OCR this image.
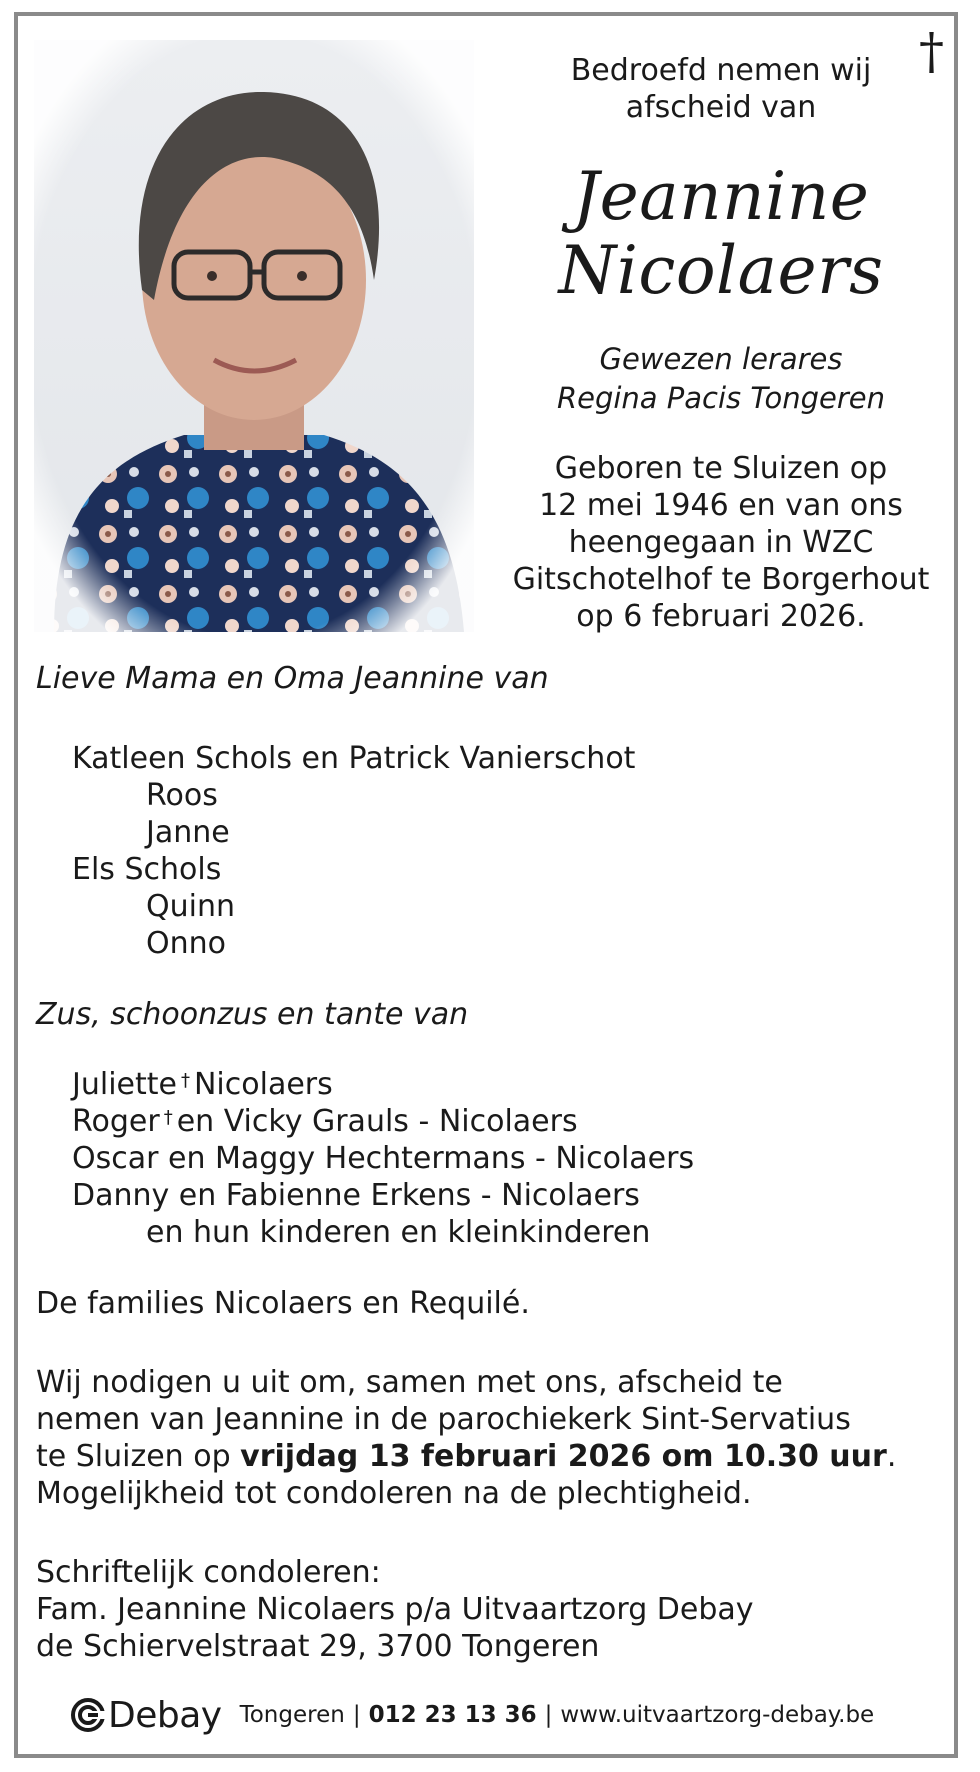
†
Bedroefd nemen wij
afscheid van
Jeannine
Nicolaers
Gewezen lerares
Regina Pacis Tongeren
Geboren te Sluizen op
12 mei 1946 en van ons
heengegaan in WZC
Gitschotelhof te Borgerhout
op 6 februari 2026.
Lieve Mama en Oma Jeannine van
Katleen Schols en Patrick Vanierschot
Roos
Janne
Els Schols
Quinn
Onno
Zus, schoonzus en tante van
Juliette † Nicolaers
Roger † en Vicky Grauls - Nicolaers
Oscar en Maggy Hechtermans - Nicolaers
Danny en Fabienne Erkens - Nicolaers
en hun kinderen en kleinkinderen
De families Nicolaers en Requilé.
Wij nodigen u uit om, samen met ons, afscheid te
nemen van Jeannine in de parochiekerk Sint-Servatius
te Sluizen op vrijdag 13 februari 2026 om 10.30 uur.
Mogelijkheid tot condoleren na de plechtigheid.
Schriftelijk condoleren:
Fam. Jeannine Nicolaers p/a Uitvaartzorg Debay
de Schiervelstraat 29, 3700 Tongeren
Debay Tongeren | 012 23 13 36 | www.uitvaartzorg-debay.be
